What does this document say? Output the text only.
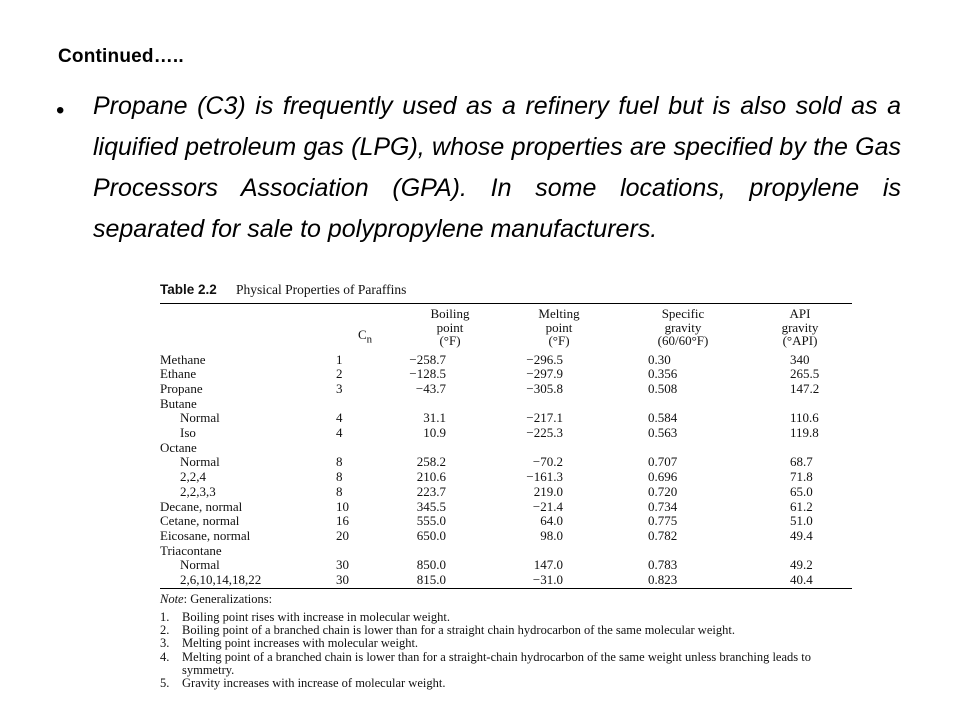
Continued…..
• Propane (C3) is frequently used as a refinery fuel but is also sold as a liquified petroleum gas (LPG), whose properties are specified by the Gas Processors Association (GPA). In some locations, propylene is separated for sale to polypropylene manufacturers.
Table 2.2 Physical Properties of Paraffins
	$C_n$	Boiling
point
(°F)	Melting
point
(°F)	Specific
gravity
(60/60°F)	API
gravity
(°API)
Methane	1	−258.7	−296.5	0.30	340
Ethane	2	−128.5	−297.9	0.356	265.5
Propane	3	−43.7	−305.8	0.508	147.2
Butane					
Normal	4	31.1	−217.1	0.584	110.6
Iso	4	10.9	−225.3	0.563	119.8
Octane					
Normal	8	258.2	−70.2	0.707	68.7
2,2,4	8	210.6	−161.3	0.696	71.8
2,2,3,3	8	223.7	219.0	0.720	65.0
Decane, normal	10	345.5	−21.4	0.734	61.2
Cetane, normal	16	555.0	64.0	0.775	51.0
Eicosane, normal	20	650.0	98.0	0.782	49.4
Triacontane					
Normal	30	850.0	147.0	0.783	49.2
2,6,10,14,18,22	30	815.0	−31.0	0.823	40.4
Note: Generalizations:
1.	Boiling point rises with increase in molecular weight.
2.	Boiling point of a branched chain is lower than for a straight chain hydrocarbon of the same molecular weight.
3.	Melting point increases with molecular weight.
4.	Melting point of a branched chain is lower than for a straight-chain hydrocarbon of the same weight unless branching leads to symmetry.
5.	Gravity increases with increase of molecular weight.
